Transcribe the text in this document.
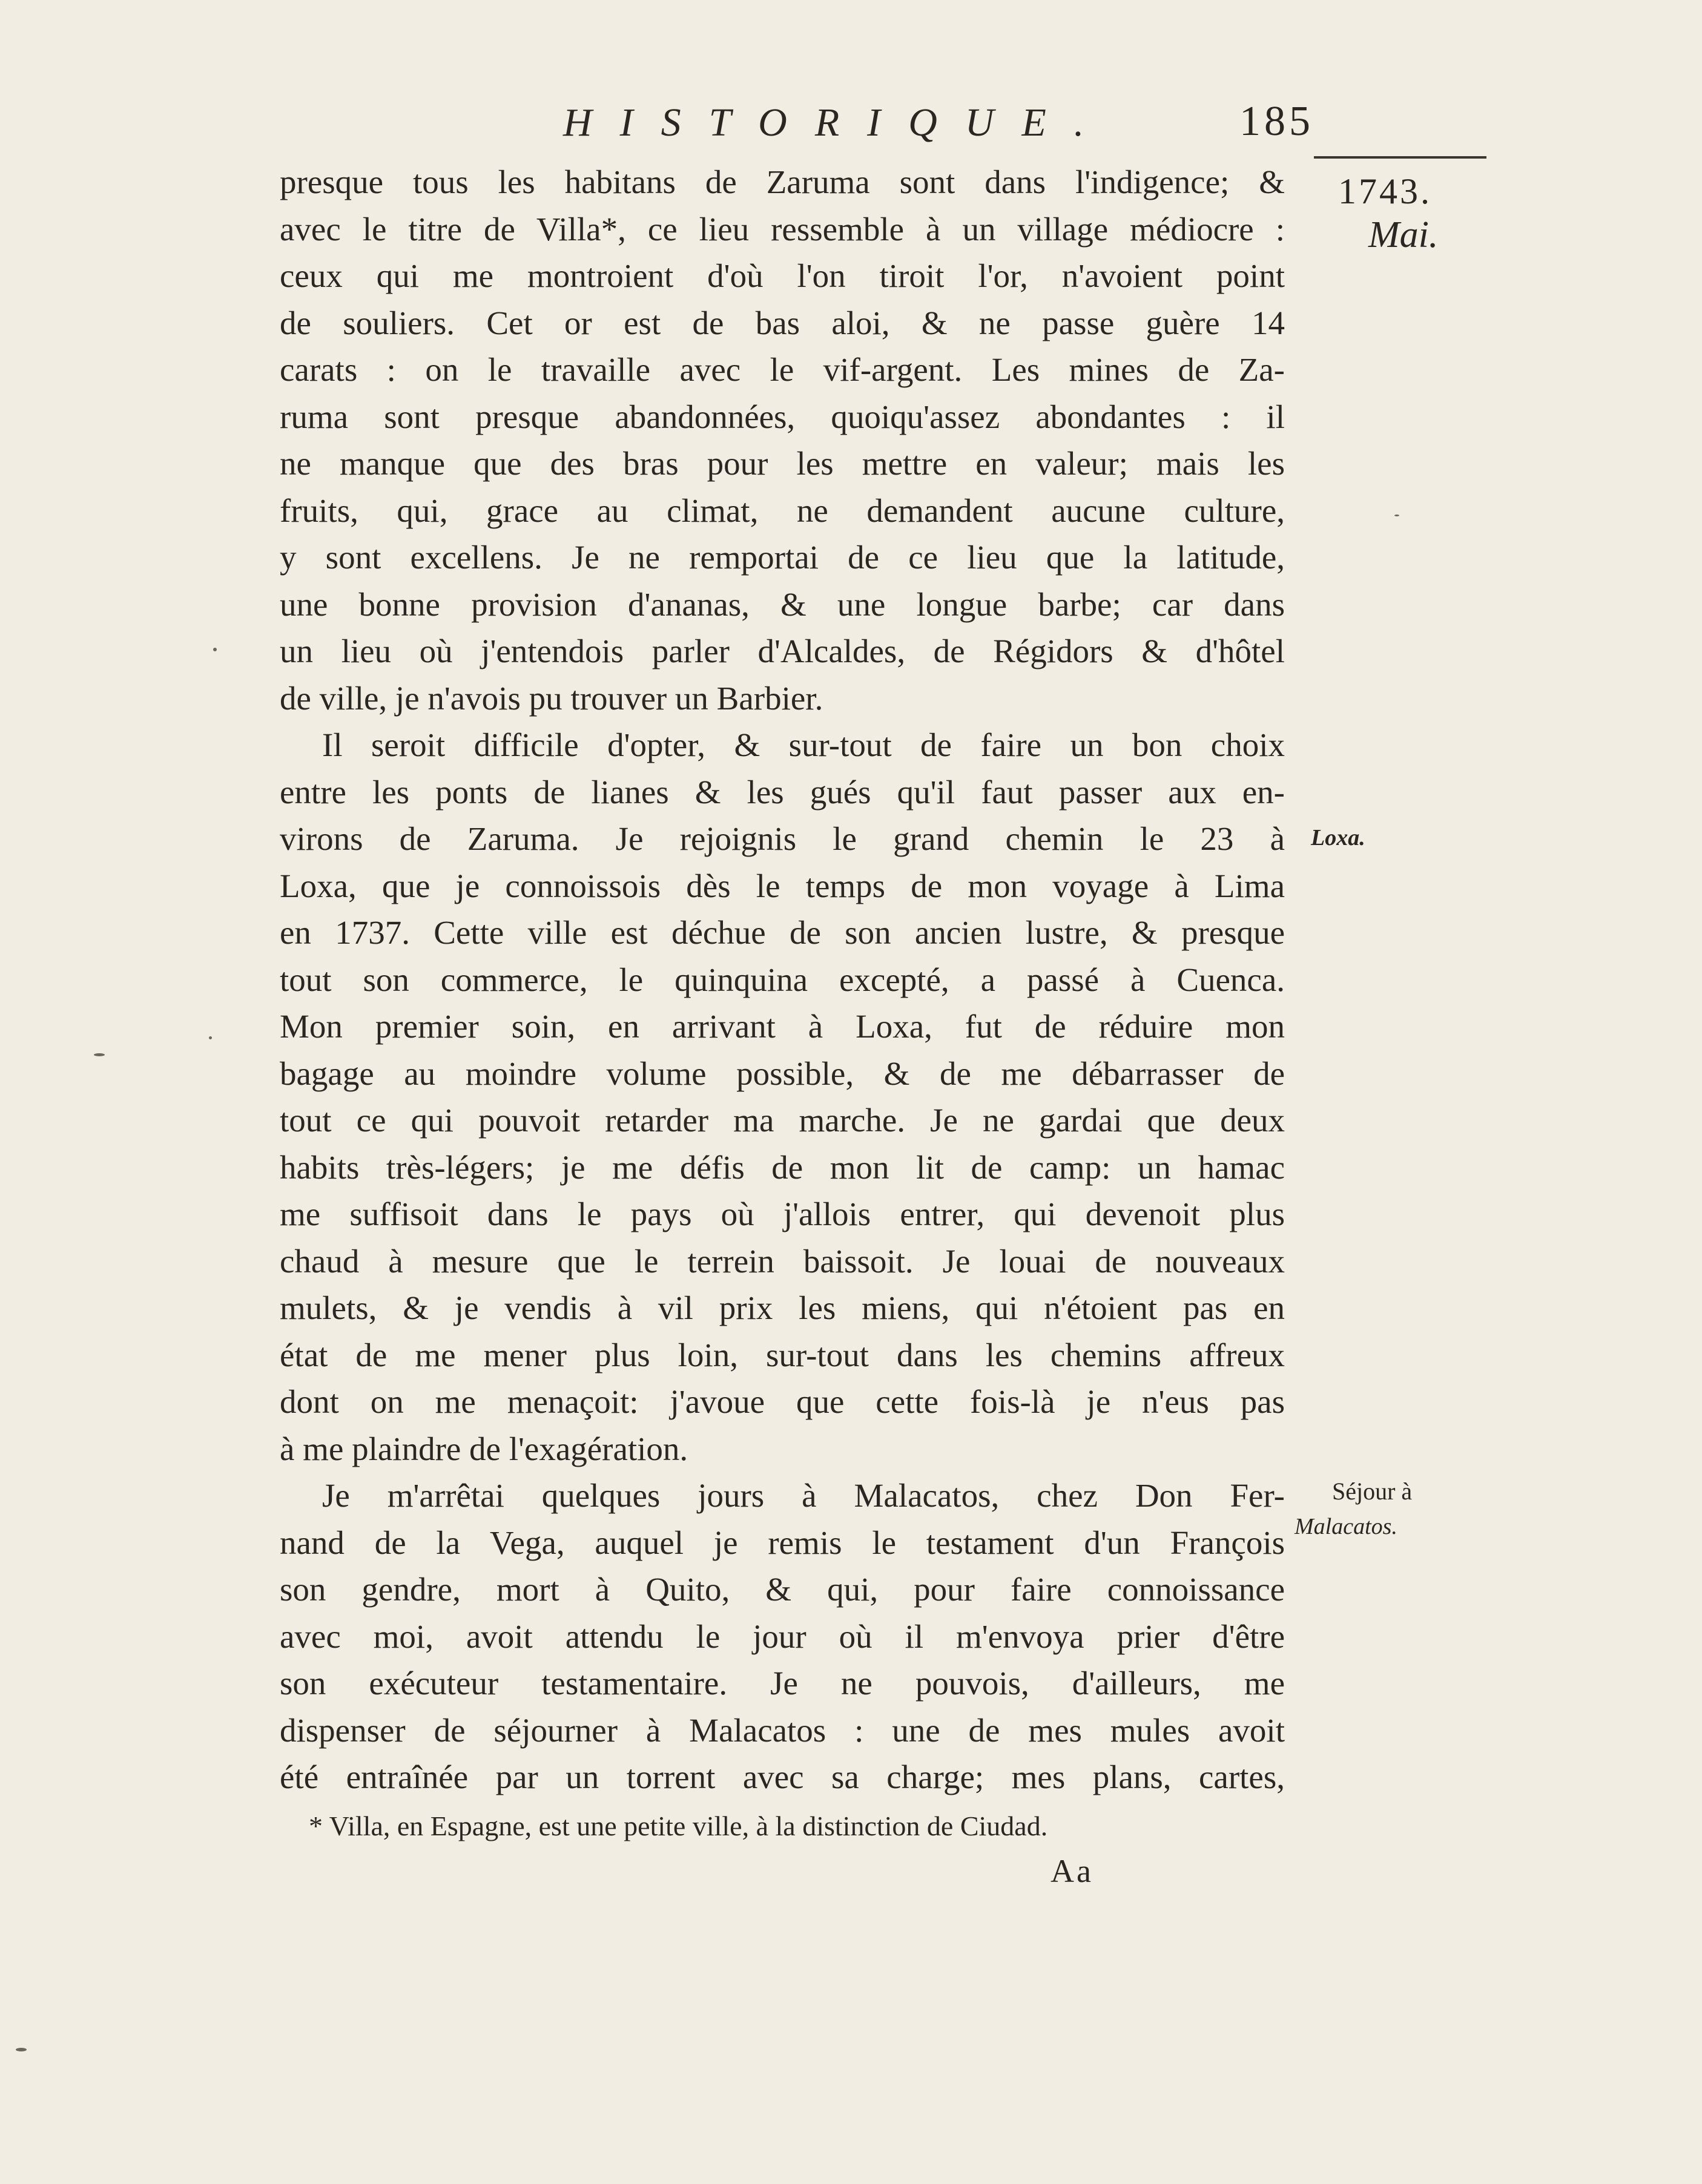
HISTORIQUE.	185
1743.
Mai.
Loxa.
Séjour à
Malacatos.
presque tous les habitans de Zaruma sont dans l'indigence; &
avec le titre de Villa*, ce lieu ressemble à un village médiocre :
ceux qui me montroient d'où l'on tiroit l'or, n'avoient point
de souliers. Cet or est de bas aloi, & ne passe guère 14
carats : on le travaille avec le vif-argent. Les mines de Za-
ruma sont presque abandonnées, quoiqu'assez abondantes : il
ne manque que des bras pour les mettre en valeur; mais les
fruits, qui, grace au climat, ne demandent aucune culture,
y sont excellens. Je ne remportai de ce lieu que la latitude,
une bonne provision d'ananas, & une longue barbe; car dans
un lieu où j'entendois parler d'Alcaldes, de Régidors & d'hôtel
de ville, je n'avois pu trouver un Barbier.
Il seroit difficile d'opter, & sur-tout de faire un bon choix
entre les ponts de lianes & les gués qu'il faut passer aux en-
virons de Zaruma. Je rejoignis le grand chemin le 23 à
Loxa, que je connoissois dès le temps de mon voyage à Lima
en 1737. Cette ville est déchue de son ancien lustre, & presque
tout son commerce, le quinquina excepté, a passé à Cuenca.
Mon premier soin, en arrivant à Loxa, fut de réduire mon
bagage au moindre volume possible, & de me débarrasser de
tout ce qui pouvoit retarder ma marche. Je ne gardai que deux
habits très-légers; je me défis de mon lit de camp: un hamac
me suffisoit dans le pays où j'allois entrer, qui devenoit plus
chaud à mesure que le terrein baissoit. Je louai de nouveaux
mulets, & je vendis à vil prix les miens, qui n'étoient pas en
état de me mener plus loin, sur-tout dans les chemins affreux
dont on me menaçoit: j'avoue que cette fois-là je n'eus pas
à me plaindre de l'exagération.
Je m'arrêtai quelques jours à Malacatos, chez Don Fer-
nand de la Vega, auquel je remis le testament d'un François
son gendre, mort à Quito, & qui, pour faire connoissance
avec moi, avoit attendu le jour où il m'envoya prier d'être
son exécuteur testamentaire. Je ne pouvois, d'ailleurs, me
dispenser de séjourner à Malacatos : une de mes mules avoit
été entraînée par un torrent avec sa charge; mes plans, cartes,
* Villa, en Espagne, est une petite ville, à la distinction de Ciudad.
Aa
